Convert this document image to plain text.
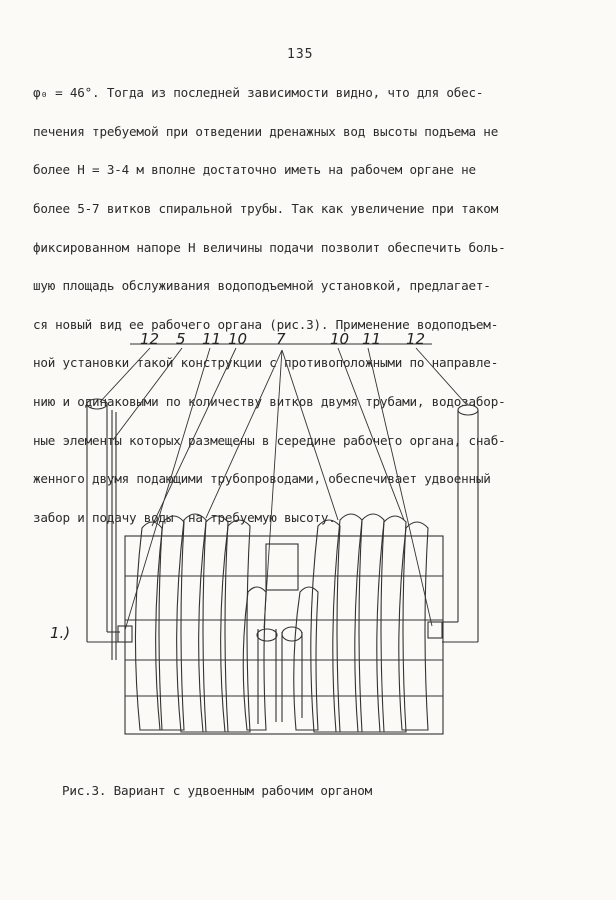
135

φ₀ = 46°. Тогда из последней зависимости видно, что для обес-

печения требуемой при отведении дренажных вод высоты подъема не

более Н = 3-4 м вполне достаточно иметь на рабочем органе не

более 5-7 витков спиральной трубы. Так как увеличение при таком

фиксированном напоре Н величины подачи позволит обеспечить боль-

шую площадь обслуживания водоподъемной установкой, предлагает-

ся новый вид ее рабочего органа (рис.3). Применение водоподъем-

ной установки такой конструкции с противоположными по направле-

нию и одинаковыми по количеству витков двумя трубами, водозабор-

ные элементы которых размещены в середине рабочего органа, снаб-

женного двумя подающими трубопроводами, обеспечивает удвоенный

забор и подачу воды  на требуемую высоту.

12 5 11 10 7	10 11 12
1.)
Рис.3. Вариант с удвоенным рабочим органом
